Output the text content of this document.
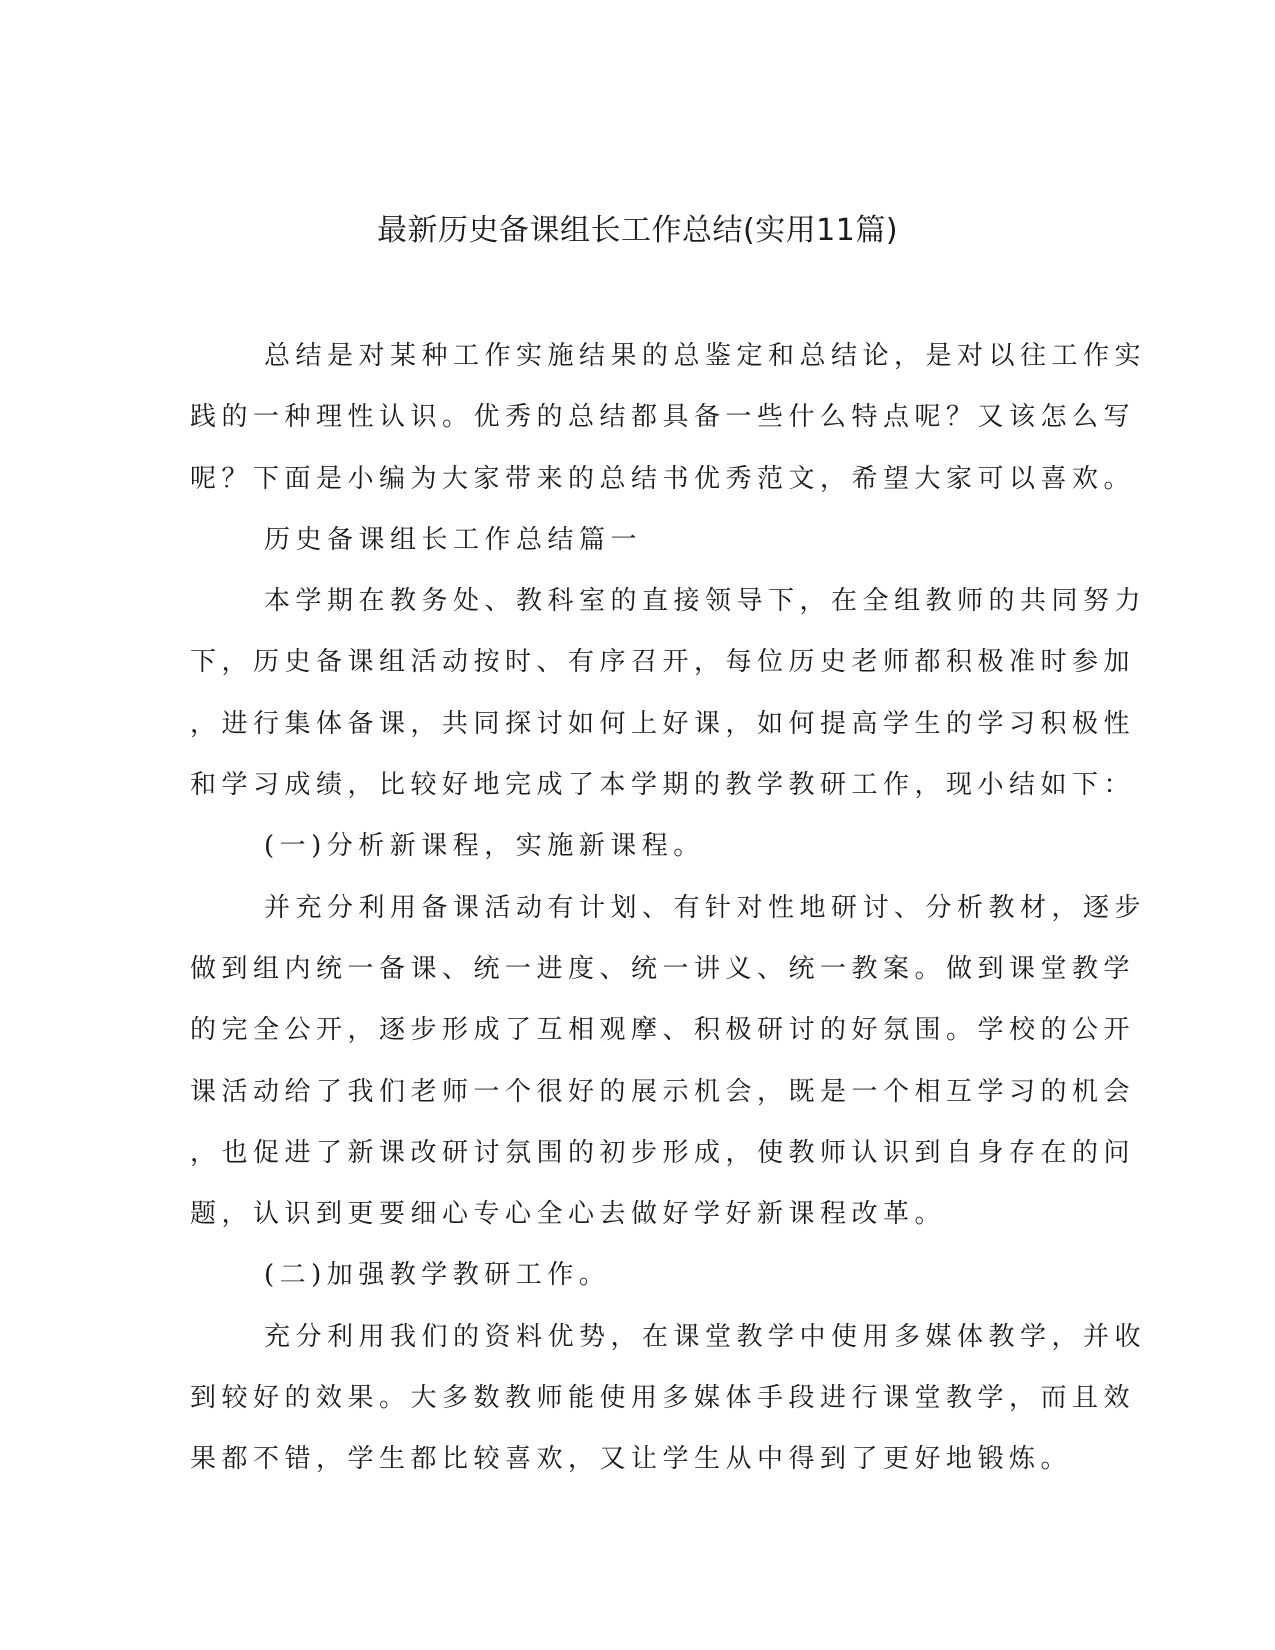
最新历史备课组长工作总结(实用11篇)

总结是对某种工作实施结果的总鉴定和总结论，是对以往工作实
践的一种理性认识。优秀的总结都具备一些什么特点呢？又该怎么写
呢？下面是小编为大家带来的总结书优秀范文，希望大家可以喜欢。

历史备课组长工作总结篇一

本学期在教务处、教科室的直接领导下，在全组教师的共同努力
下，历史备课组活动按时、有序召开，每位历史老师都积极准时参加
，进行集体备课，共同探讨如何上好课，如何提高学生的学习积极性
和学习成绩，比较好地完成了本学期的教学教研工作，现小结如下：

(一)分析新课程，实施新课程。

并充分利用备课活动有计划、有针对性地研讨、分析教材，逐步
做到组内统一备课、统一进度、统一讲义、统一教案。做到课堂教学
的完全公开，逐步形成了互相观摩、积极研讨的好氛围。学校的公开
课活动给了我们老师一个很好的展示机会，既是一个相互学习的机会
，也促进了新课改研讨氛围的初步形成，使教师认识到自身存在的问
题，认识到更要细心专心全心去做好学好新课程改革。

(二)加强教学教研工作。

充分利用我们的资料优势，在课堂教学中使用多媒体教学，并收
到较好的效果。大多数教师能使用多媒体手段进行课堂教学，而且效
果都不错，学生都比较喜欢，又让学生从中得到了更好地锻炼。
